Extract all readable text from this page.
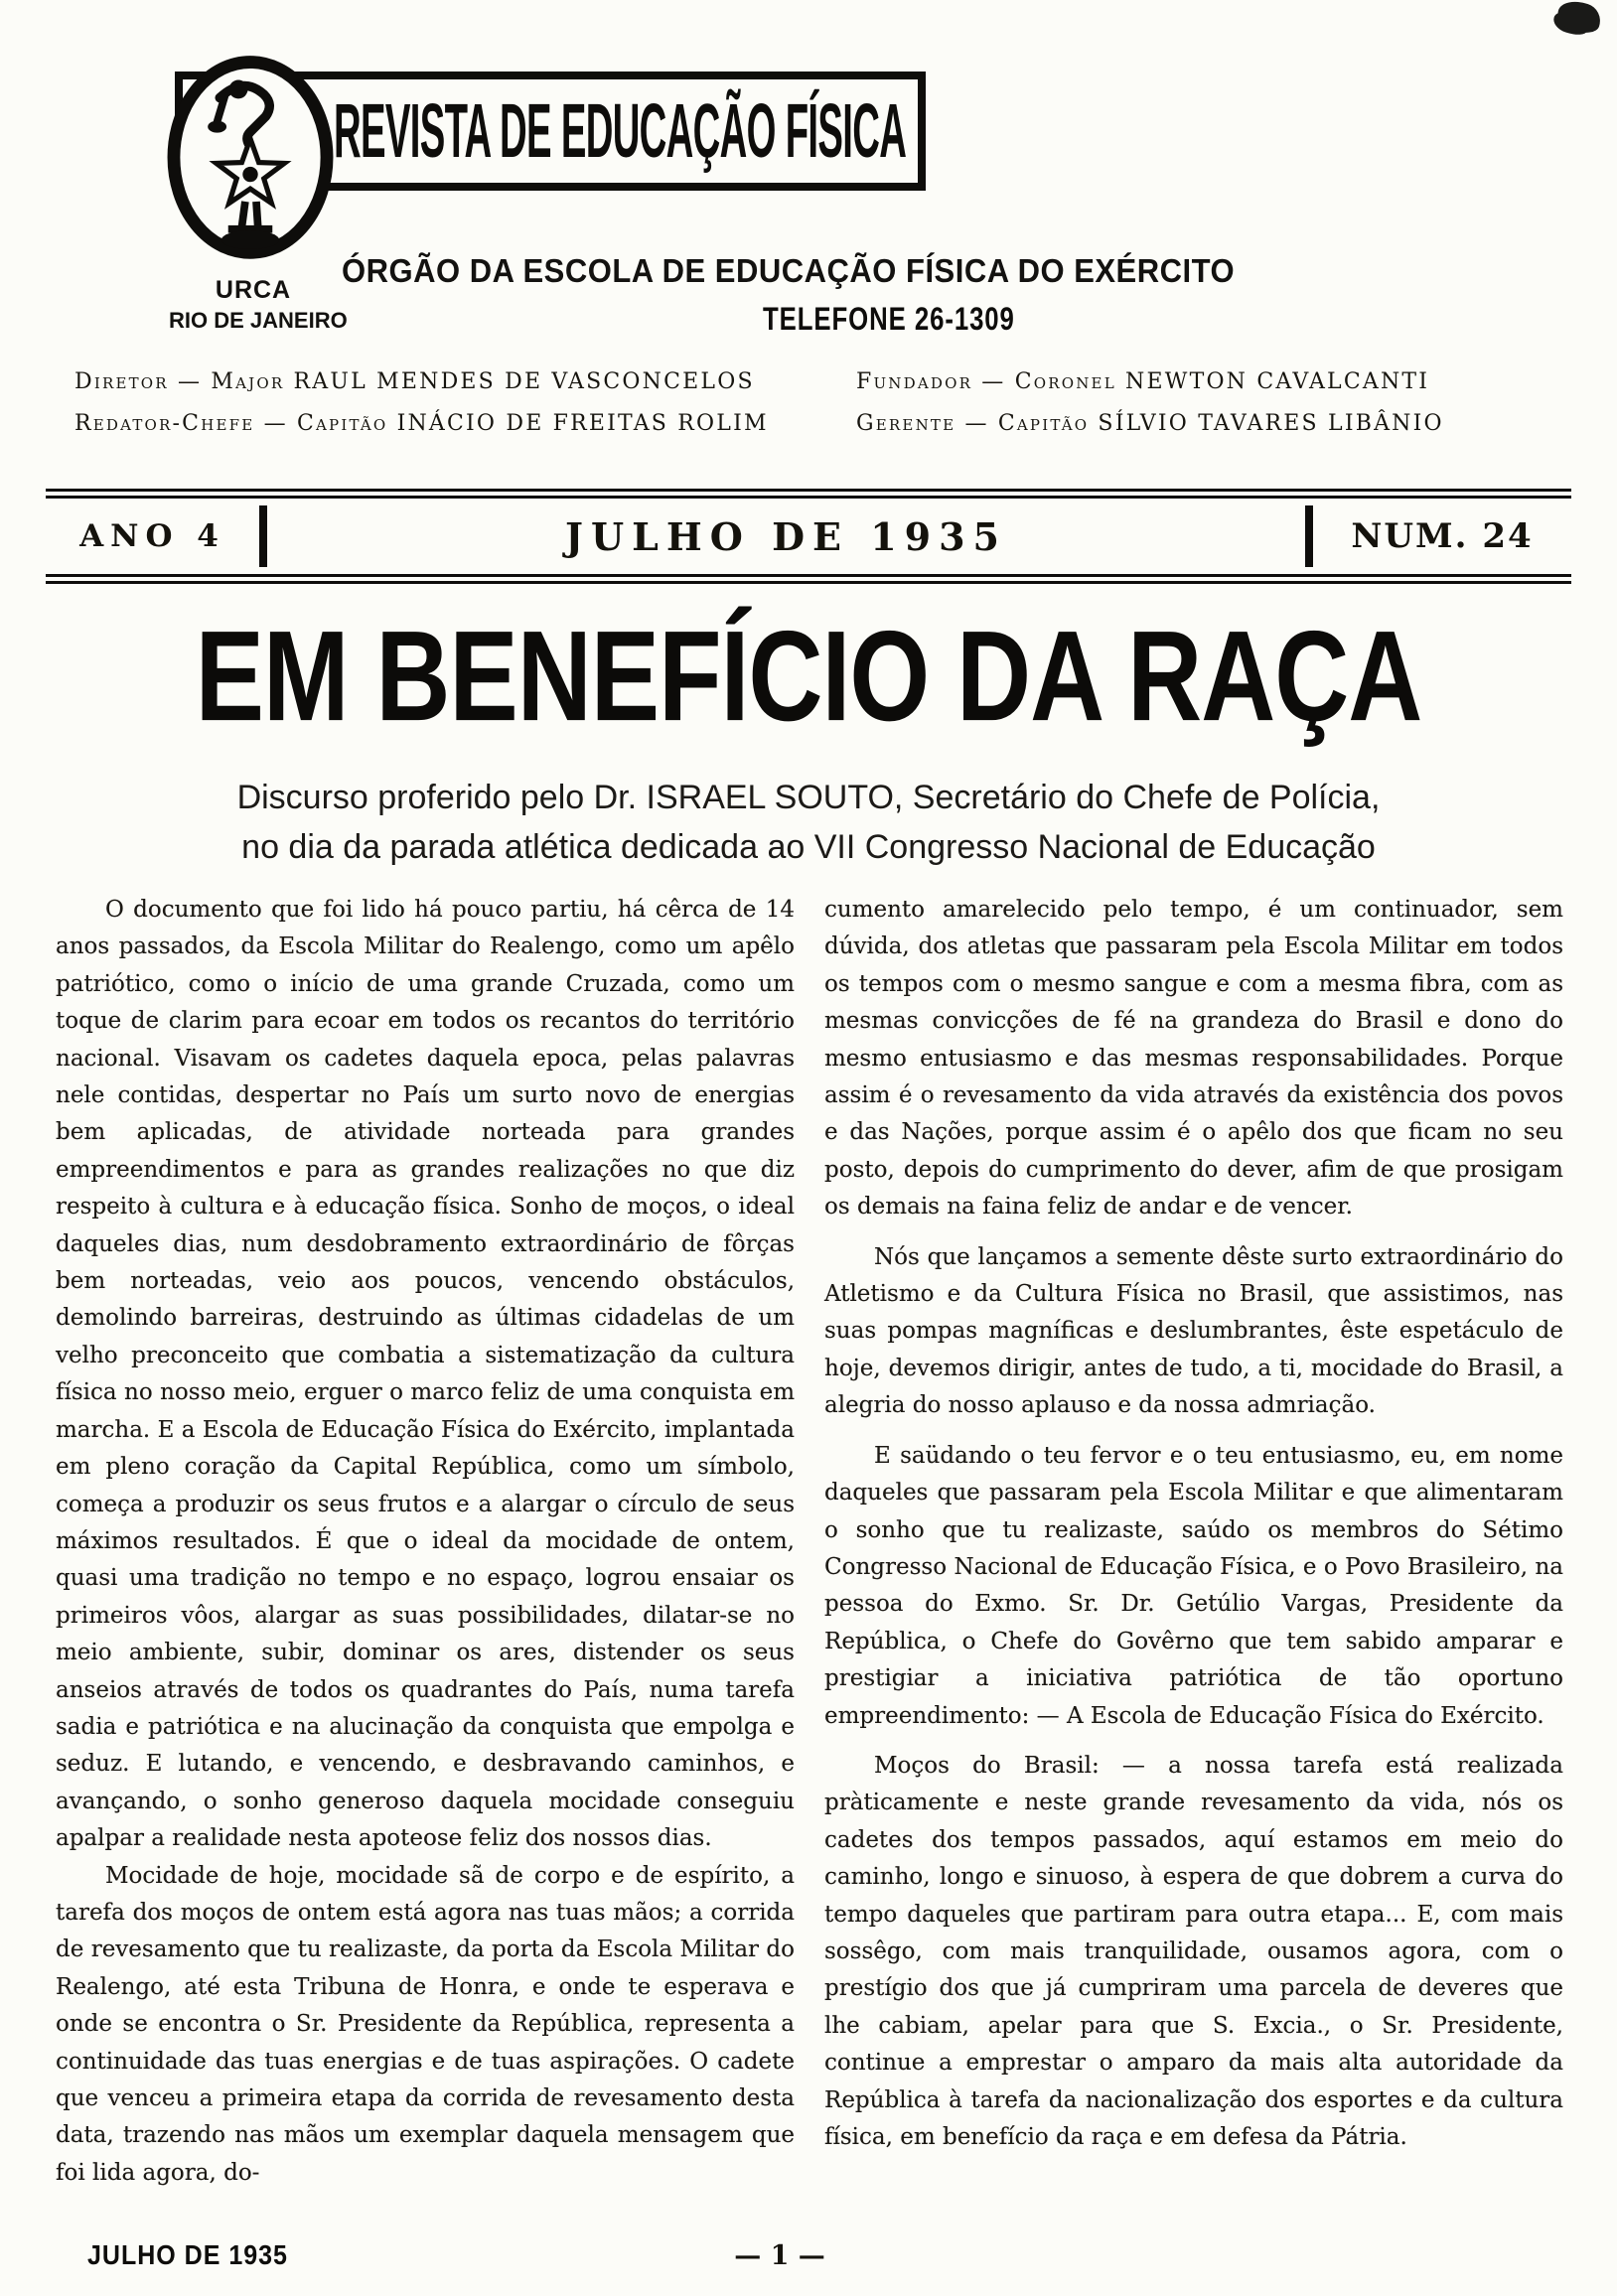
REVISTA DE EDUCAÇÃO FÍSICA
URCA
RIO DE JANEIRO
ÓRGÃO DA ESCOLA DE EDUCAÇÃO FÍSICA DO EXÉRCITO
TELEFONE 26-1309
Diretor — Major RAUL MENDES DE VASCONCELOS
Redator-Chefe — Capitão INÁCIO DE FREITAS ROLIM
Fundador — Coronel NEWTON CAVALCANTI
Gerente — Capitão SÍLVIO TAVARES LIBÂNIO
ANO 4	JULHO DE 1935	NUM. 24
EM BENEFÍCIO DA RAÇA
Discurso proferido pelo Dr. ISRAEL SOUTO, Secretário do Chefe de Polícia,
no dia da parada atlética dedicada ao VII Congresso Nacional de Educação

O documento que foi lido há pouco partiu, há cêrca de 14 anos passados, da Escola Militar do Realengo, como um apêlo patriótico, como o início de uma grande Cruzada, como um toque de clarim para ecoar em todos os recantos do território nacional. Visavam os cadetes daquela epoca, pelas palavras nele contidas, despertar no País um surto novo de energias bem aplicadas, de atividade norteada para grandes empreendimentos e para as grandes realizações no que diz respeito à cultura e à educação física. Sonho de moços, o ideal daqueles dias, num desdobramento extraordinário de fôrças bem norteadas, veio aos poucos, vencendo obstáculos, demolindo barreiras, destruindo as últimas cidadelas de um velho preconceito que combatia a sistematização da cultura física no nosso meio, erguer o marco feliz de uma conquista em marcha. E a Escola de Educação Física do Exército, implantada em pleno coração da Capital República, como um símbolo, começa a produzir os seus frutos e a alargar o círculo de seus máximos resultados. É que o ideal da mocidade de ontem, quasi uma tradição no tempo e no espaço, logrou ensaiar os primeiros vôos, alargar as suas possibilidades, dilatar-se no meio ambiente, subir, dominar os ares, distender os seus anseios através de todos os quadrantes do País, numa tarefa sadia e patriótica e na alucinação da conquista que empolga e seduz. E lutando, e vencendo, e desbravando caminhos, e avançando, o sonho generoso daquela mocidade conseguiu apalpar a realidade nesta apoteose feliz dos nossos dias.

Mocidade de hoje, mocidade sã de corpo e de espírito, a tarefa dos moços de ontem está agora nas tuas mãos; a corrida de revesamento que tu realizaste, da porta da Escola Militar do Realengo, até esta Tribuna de Honra, e onde te esperava e onde se encontra o Sr. Presidente da República, representa a continuidade das tuas energias e de tuas aspirações. O cadete que venceu a primeira etapa da corrida de revesamento desta data, trazendo nas mãos um exemplar daquela mensagem que foi lida agora, do-

cumento amarelecido pelo tempo, é um continuador, sem dúvida, dos atletas que passaram pela Escola Militar em todos os tempos com o mesmo sangue e com a mesma fibra, com as mesmas convicções de fé na grandeza do Brasil e dono do mesmo entusiasmo e das mesmas responsabilidades. Porque assim é o revesamento da vida através da existência dos povos e das Nações, porque assim é o apêlo dos que ficam no seu posto, depois do cumprimento do dever, afim de que prosigam os demais na faina feliz de andar e de vencer.

Nós que lançamos a semente dêste surto extraordinário do Atletismo e da Cultura Física no Brasil, que assistimos, nas suas pompas magníficas e deslumbrantes, êste espetáculo de hoje, devemos dirigir, antes de tudo, a ti, mocidade do Brasil, a alegria do nosso aplauso e da nossa admriação.

E saüdando o teu fervor e o teu entusiasmo, eu, em nome daqueles que passaram pela Escola Militar e que alimentaram o sonho que tu realizaste, saúdo os membros do Sétimo Congresso Nacional de Educação Física, e o Povo Brasileiro, na pessoa do Exmo. Sr. Dr. Getúlio Vargas, Presidente da República, o Chefe do Govêrno que tem sabido amparar e prestigiar a iniciativa patriótica de tão oportuno empreendimento: — A Escola de Educação Física do Exército.

Moços do Brasil: — a nossa tarefa está realizada pràticamente e neste grande revesamento da vida, nós os cadetes dos tempos passados, aquí estamos em meio do caminho, longo e sinuoso, à espera de que dobrem a curva do tempo daqueles que partiram para outra etapa... E, com mais sossêgo, com mais tranquilidade, ousamos agora, com o prestígio dos que já cumpriram uma parcela de deveres que lhe cabiam, apelar para que S. Excia., o Sr. Presidente, continue a emprestar o amparo da mais alta autoridade da República à tarefa da nacionalização dos esportes e da cultura física, em benefício da raça e em defesa da Pátria.

JULHO DE 1935	— 1 —
